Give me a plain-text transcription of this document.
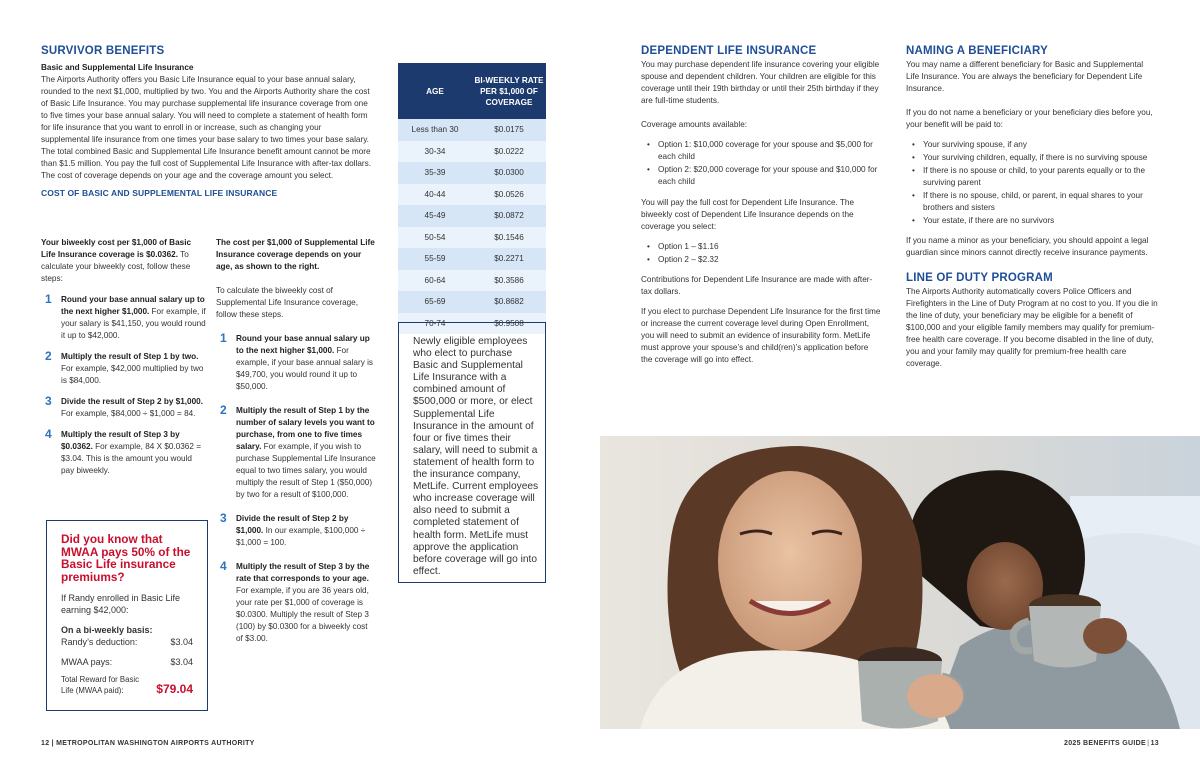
SURVIVOR BENEFITS
Basic and Supplemental Life Insurance
The Airports Authority offers you Basic Life Insurance equal to your base annual salary, rounded to the next $1,000, multiplied by two. You and the Airports Authority share the cost of Basic Life Insurance. You may purchase supplemental life insurance coverage from one to five times your base annual salary. You will need to complete a statement of health form for life insurance that you want to enroll in or increase, such as changing your supplemental life insurance from one times your base salary to two times your base salary. The total combined Basic and Supplemental Life Insurance benefit amount cannot be more than $1.5 million. You pay the full cost of Supplemental Life Insurance with after-tax dollars. The cost of coverage depends on your age and the coverage amount you select.
COST OF BASIC AND SUPPLEMENTAL LIFE INSURANCE
Your biweekly cost per $1,000 of Basic Life Insurance coverage is $0.0362. To calculate your biweekly cost, follow these steps:
1 Round your base annual salary up to the next higher $1,000. For example, if your salary is $41,150, you would round it up to $42,000.
2 Multiply the result of Step 1 by two. For example, $42,000 multiplied by two is $84,000.
3 Divide the result of Step 2 by $1,000. For example, $84,000 ÷ $1,000 = 84.
4 Multiply the result of Step 3 by $0.0362. For example, 84 X $0.0362 = $3.04. This is the amount you would pay biweekly.
The cost per $1,000 of Supplemental Life Insurance coverage depends on your age, as shown to the right.
To calculate the biweekly cost of Supplemental Life Insurance coverage, follow these steps.
1 Round your base annual salary up to the next higher $1,000. For example, if your base annual salary is $49,700, you would round it up to $50,000.
2 Multiply the result of Step 1 by the number of salary levels you want to purchase, from one to five times salary. For example, if you wish to purchase Supplemental Life Insurance equal to two times salary, you would multiply the result of Step 1 ($50,000) by two for a result of $100,000.
3 Divide the result of Step 2 by $1,000. In our example, $100,000 ÷ $1,000 = 100.
4 Multiply the result of Step 3 by the rate that corresponds to your age. For example, if you are 36 years old, your rate per $1,000 of coverage is $0.0300. Multiply the result of Step 3 (100) by $0.0300 for a biweekly cost of $3.00.
Did you know that MWAA pays 50% of the Basic Life insurance premiums?
If Randy enrolled in Basic Life earning $42,000:
On a bi-weekly basis:
Randy’s deduction:	$3.04
MWAA pays:	$3.04
Total Reward for Basic Life (MWAA paid):	$79.04
AGE	BI-WEEKLY RATE PER $1,000 OF COVERAGE
Less than 30	$0.0175
30-34	$0.0222
35-39	$0.0300
40-44	$0.0526
45-49	$0.0872
50-54	$0.1546
55-59	$0.2271
60-64	$0.3586
65-69	$0.8682
70-74	$0.9508
Newly eligible employees who elect to purchase Basic and Supplemental Life Insurance with a combined amount of $500,000 or more, or elect Supplemental Life Insurance in the amount of four or five times their salary, will need to submit a statement of health form to the insurance company, MetLife. Current employees who increase coverage will also need to submit a completed statement of health form. MetLife must approve the application before coverage will go into effect.
12 | METROPOLITAN WASHINGTON AIRPORTS AUTHORITY
DEPENDENT LIFE INSURANCE
You may purchase dependent life insurance covering your eligible spouse and dependent children. Your children are eligible for this coverage until their 19th birthday or until their 25th birthday if they are full-time students.
Coverage amounts available:
• Option 1: $10,000 coverage for your spouse and $5,000 for each child
• Option 2: $20,000 coverage for your spouse and $10,000 for each child
You will pay the full cost for Dependent Life Insurance. The biweekly cost of Dependent Life Insurance depends on the coverage you select:
• Option 1 – $1.16
• Option 2 – $2.32
Contributions for Dependent Life Insurance are made with after-tax dollars.
If you elect to purchase Dependent Life Insurance for the first time or increase the current coverage level during Open Enrollment, you will need to submit an evidence of insurability form. MetLife must approve your spouse’s and child(ren)’s application before the coverage will go into effect.
NAMING A BENEFICIARY
You may name a different beneficiary for Basic and Supplemental Life Insurance. You are always the beneficiary for Dependent Life Insurance.
If you do not name a beneficiary or your beneficiary dies before you, your benefit will be paid to:
• Your surviving spouse, if any
• Your surviving children, equally, if there is no surviving spouse
• If there is no spouse or child, to your parents equally or to the surviving parent
• If there is no spouse, child, or parent, in equal shares to your brothers and sisters
• Your estate, if there are no survivors
If you name a minor as your beneficiary, you should appoint a legal guardian since minors cannot directly receive insurance payments.
LINE OF DUTY PROGRAM
The Airports Authority automatically covers Police Officers and Firefighters in the Line of Duty Program at no cost to you. If you die in the line of duty, your beneficiary may be eligible for a benefit of $100,000 and your eligible family members may qualify for premium-free health care coverage. If you become disabled in the line of duty, you and your family may qualify for premium-free health care coverage.
2025 BENEFITS GUIDE | 13
